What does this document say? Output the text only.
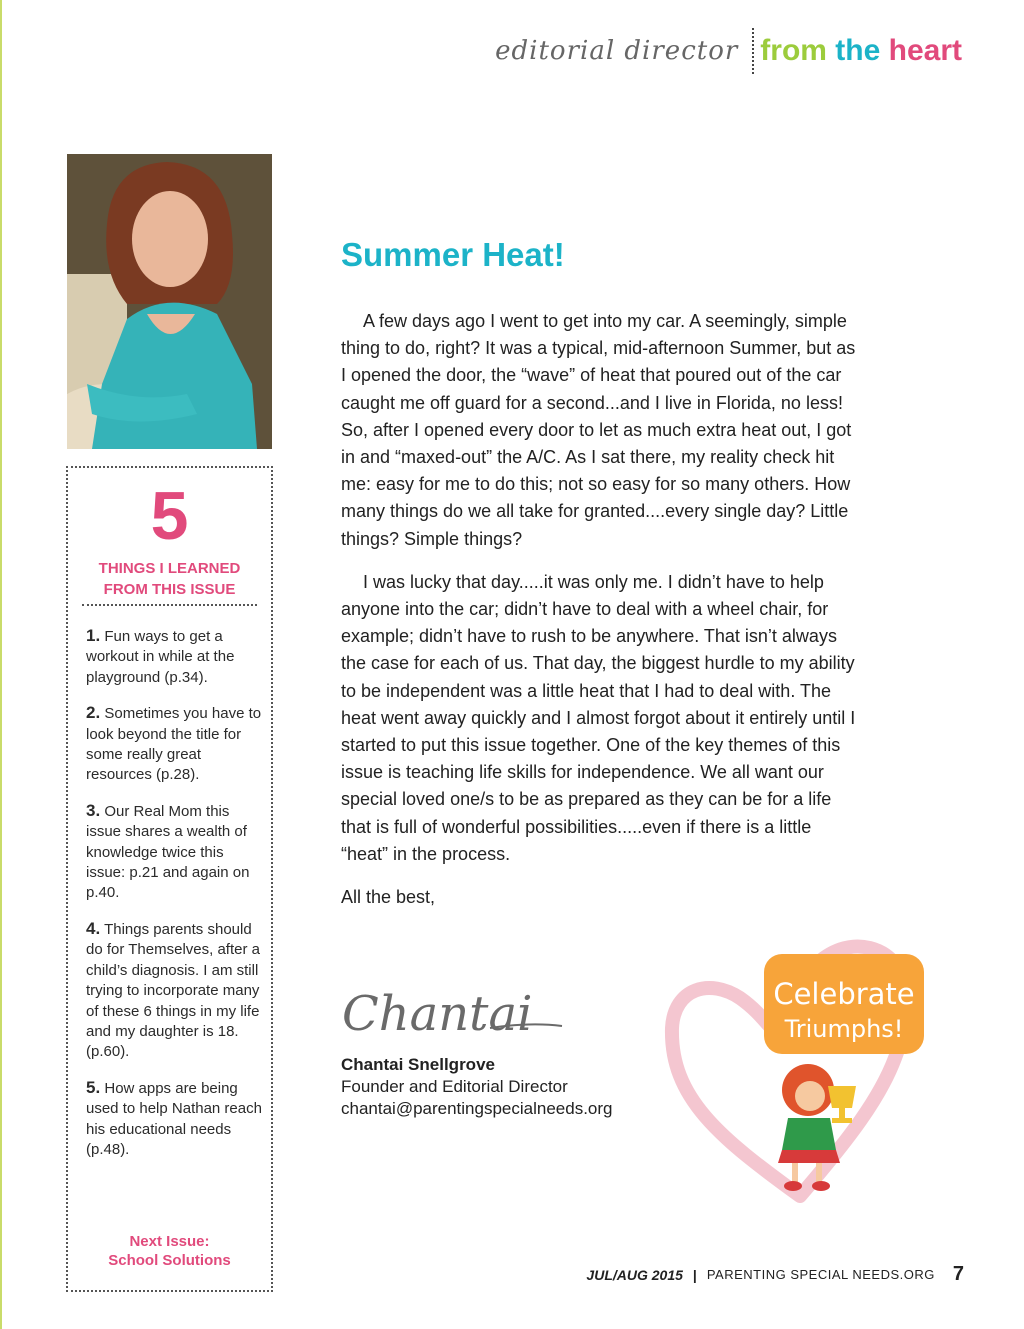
editorial director from the heart
5
THINGS I LEARNED
FROM THIS ISSUE
1. Fun ways to get a workout in while at the playground (p.34).
2. Sometimes you have to look beyond the title for some really great resources (p.28).
3. Our Real Mom this issue shares a wealth of knowledge twice this issue: p.21 and again on p.40.
4. Things parents should do for Themselves, after a child’s diagnosis. I am still trying to incorporate many of these 6 things in my life and my daughter is 18. (p.60).
5. How apps are being used to help Nathan reach his educational needs (p.48).
Next Issue:
School Solutions
Summer Heat!

A few days ago I went to get into my car. A seemingly, simple thing to do, right? It was a typical, mid-afternoon Summer, but as I opened the door, the “wave” of heat that poured out of the car caught me off guard for a second...and I live in Florida, no less! So, after I opened every door to let as much extra heat out, I got in and “maxed-out” the A/C. As I sat there, my reality check hit me: easy for me to do this; not so easy for so many others. How many things do we all take for granted....every single day? Little things? Simple things?

I was lucky that day.....it was only me. I didn’t have to help anyone into the car; didn’t have to deal with a wheel chair, for example; didn’t have to rush to be anywhere. That isn’t always the case for each of us. That day, the biggest hurdle to my ability to be independent was a little heat that I had to deal with. The heat went away quickly and I almost forgot about it entirely until I started to put this issue together. One of the key themes of this issue is teaching life skills for independence. We all want our special loved one/s to be as prepared as they can be for a life that is full of wonderful possibilities.....even if there is a little “heat” in the process.

All the best,

Chantai
Chantai Snellgrove
Founder and Editorial Director
chantai@parentingspecialneeds.org
Celebrate
Triumphs!
JUL/AUG 2015 | PARENTING SPECIAL NEEDS.ORG 7
